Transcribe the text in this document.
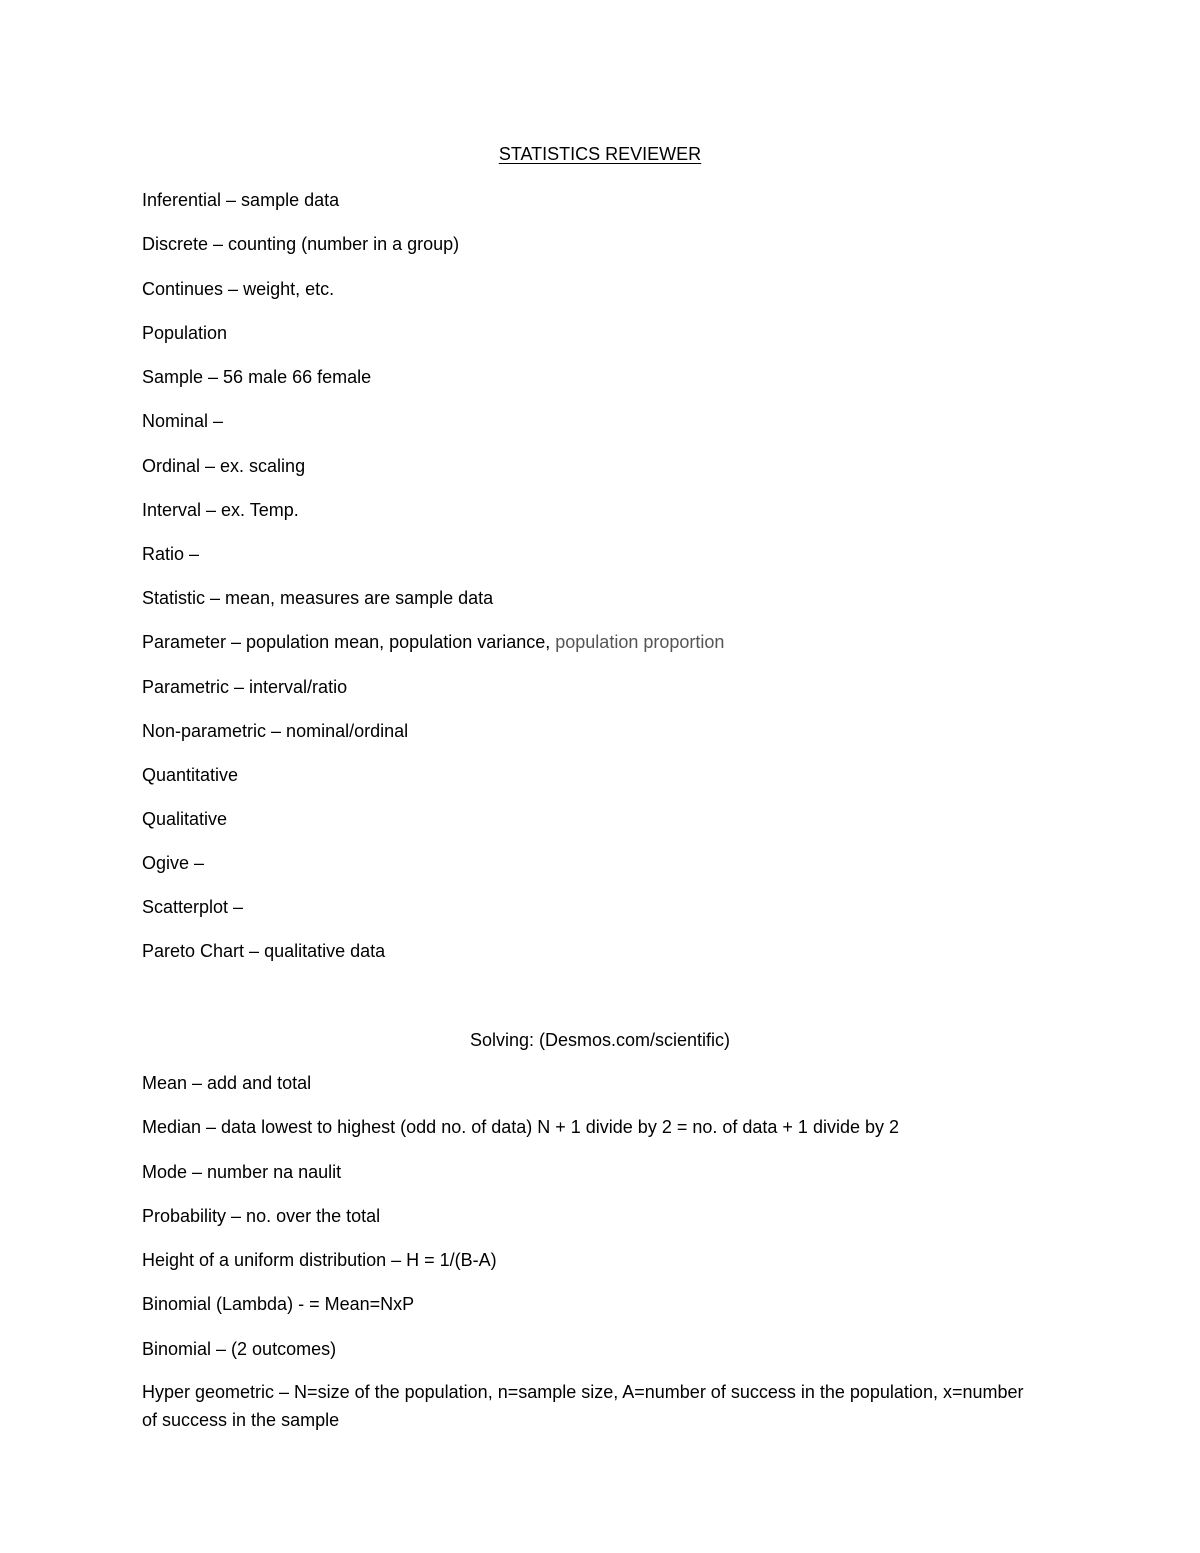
STATISTICS REVIEWER
Inferential – sample data
Discrete – counting (number in a group)
Continues – weight, etc.
Population
Sample – 56 male 66 female
Nominal –
Ordinal – ex. scaling
Interval – ex. Temp.
Ratio –
Statistic – mean, measures are sample data
Parameter – population mean, population variance, population proportion
Parametric – interval/ratio
Non-parametric – nominal/ordinal
Quantitative
Qualitative
Ogive –
Scatterplot –
Pareto Chart – qualitative data
Solving: (Desmos.com/scientific)
Mean – add and total
Median – data lowest to highest (odd no. of data) N + 1 divide by 2 = no. of data + 1 divide by 2
Mode – number na naulit
Probability – no. over the total
Height of a uniform distribution – H = 1/(B-A)
Binomial (Lambda) - = Mean=NxP
Binomial – (2 outcomes)
Hyper geometric – N=size of the population, n=sample size, A=number of success in the population, x=number of success in the sample
